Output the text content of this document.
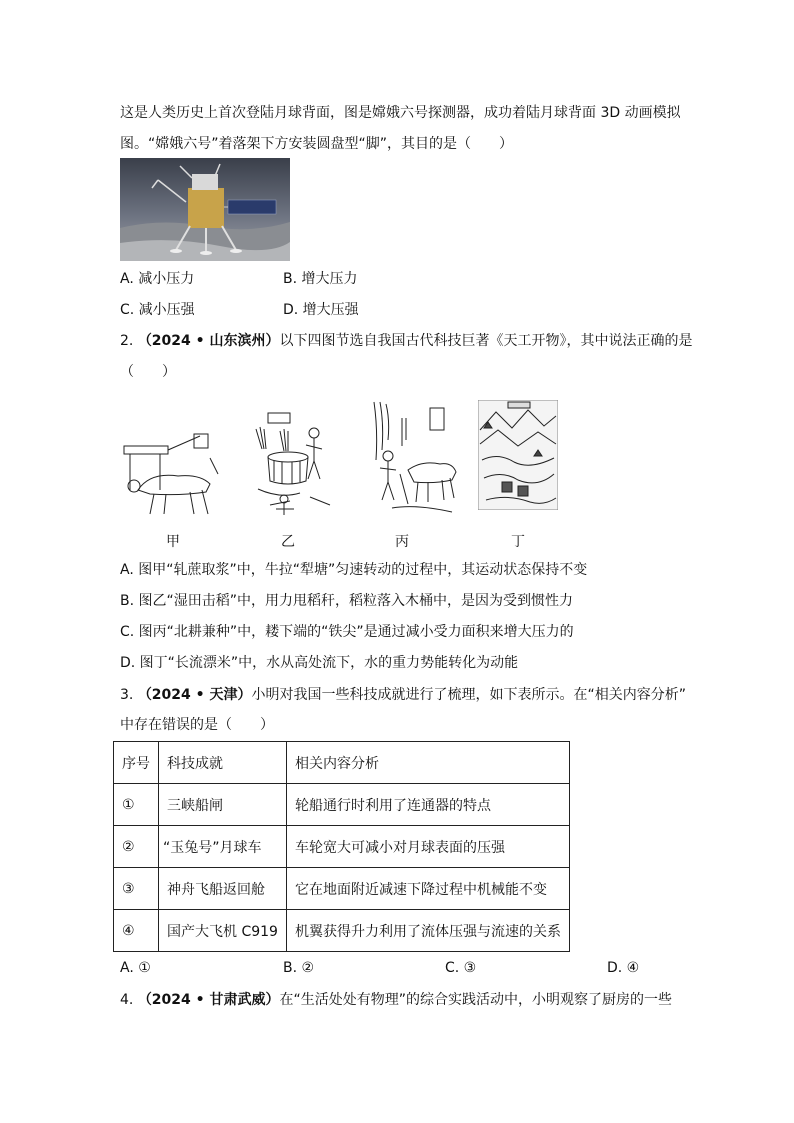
这是人类历史上首次登陆月球背面，图是嫦娥六号探测器，成功着陆月球背面 3D 动画模拟
图。“嫦娥六号”着落架下方安装圆盘型“脚”，其目的是（　　）
A. 减小压力	B. 增大压力
C. 减小压强	D. 增大压强
2. （2024 • 山东滨州）以下四图节选自我国古代科技巨著《天工开物》，其中说法正确的是
（　　）
甲	乙	丙	丁
A. 图甲“轧蔗取浆”中，牛拉“犁塘”匀速转动的过程中，其运动状态保持不变
B. 图乙“湿田击稻”中，用力甩稻秆，稻粒落入木桶中，是因为受到惯性力
C. 图丙“北耕兼种”中，耧下端的“铁尖”是通过减小受力面积来增大压力的
D. 图丁“长流漂米”中，水从高处流下，水的重力势能转化为动能
3. （2024 • 天津）小明对我国一些科技成就进行了梳理，如下表所示。在“相关内容分析”
中存在错误的是（　　）
序号	科技成就	相关内容分析
①	三峡船闸	轮船通行时利用了连通器的特点
②	“玉兔号”月球车	车轮宽大可减小对月球表面的压强
③	神舟飞船返回舱	它在地面附近减速下降过程中机械能不变
④	国产大飞机 C919	机翼获得升力利用了流体压强与流速的关系
A. ①	B. ②	C. ③	D. ④
4. （2024 • 甘肃武威）在“生活处处有物理”的综合实践活动中，小明观察了厨房的一些
